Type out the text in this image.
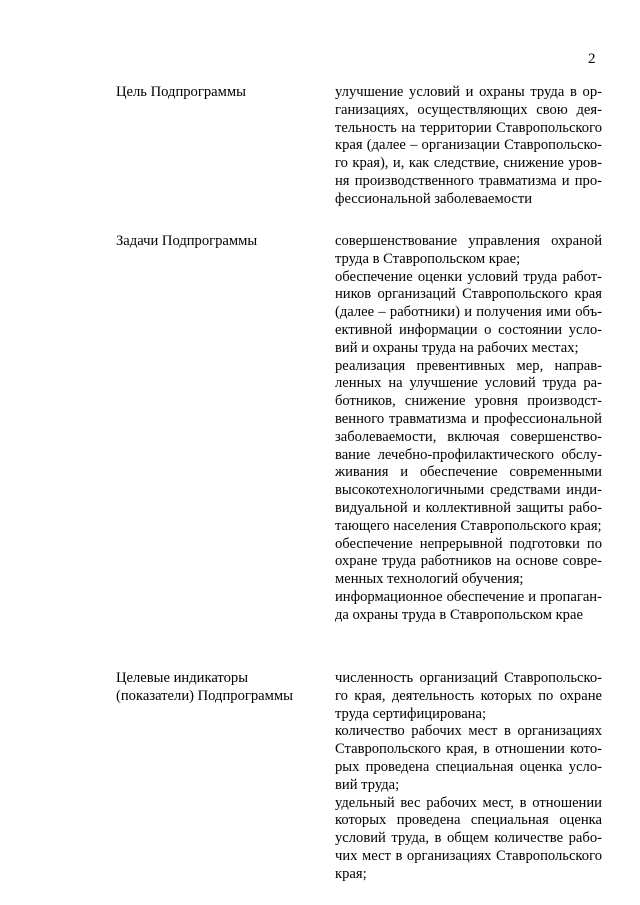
2
Цель Подпрограммы	улучшение условий и охраны труда в организациях, осуществляющих свою деятельность на территории Ставропольского края (далее – организации Ставропольского края), и, как следствие, снижение уровня производственного травматизма и профессиональной заболеваемости

Задачи Подпрограммы	совершенствование управления охраной труда в Ставропольском крае;

обеспечение оценки условий труда работников организаций Ставропольского края (далее – работники) и получения ими объективной информации о состоянии условий и охраны труда на рабочих местах;

реализация превентивных мер, направленных на улучшение условий труда работников, снижение уровня производственного травматизма и профессиональной заболеваемости, включая совершенствование лечебно-профилактического обслуживания и обеспечение современными высокотехнологичными средствами индивидуальной и коллективной защиты работающего населения Ставропольского края;

обеспечение непрерывной подготовки по охране труда работников на основе современных технологий обучения;

информационное обеспечение и пропаганда охраны труда в Ставропольском крае

Целевые индикаторы
(показатели) Подпрограммы

численность организаций Ставропольского края, деятельность которых по охране труда сертифицирована;

количество рабочих мест в организациях Ставропольского края, в отношении которых проведена специальная оценка условий труда;

удельный вес рабочих мест, в отношении которых проведена специальная оценка условий труда, в общем количестве рабочих мест в организациях Ставропольского края;
